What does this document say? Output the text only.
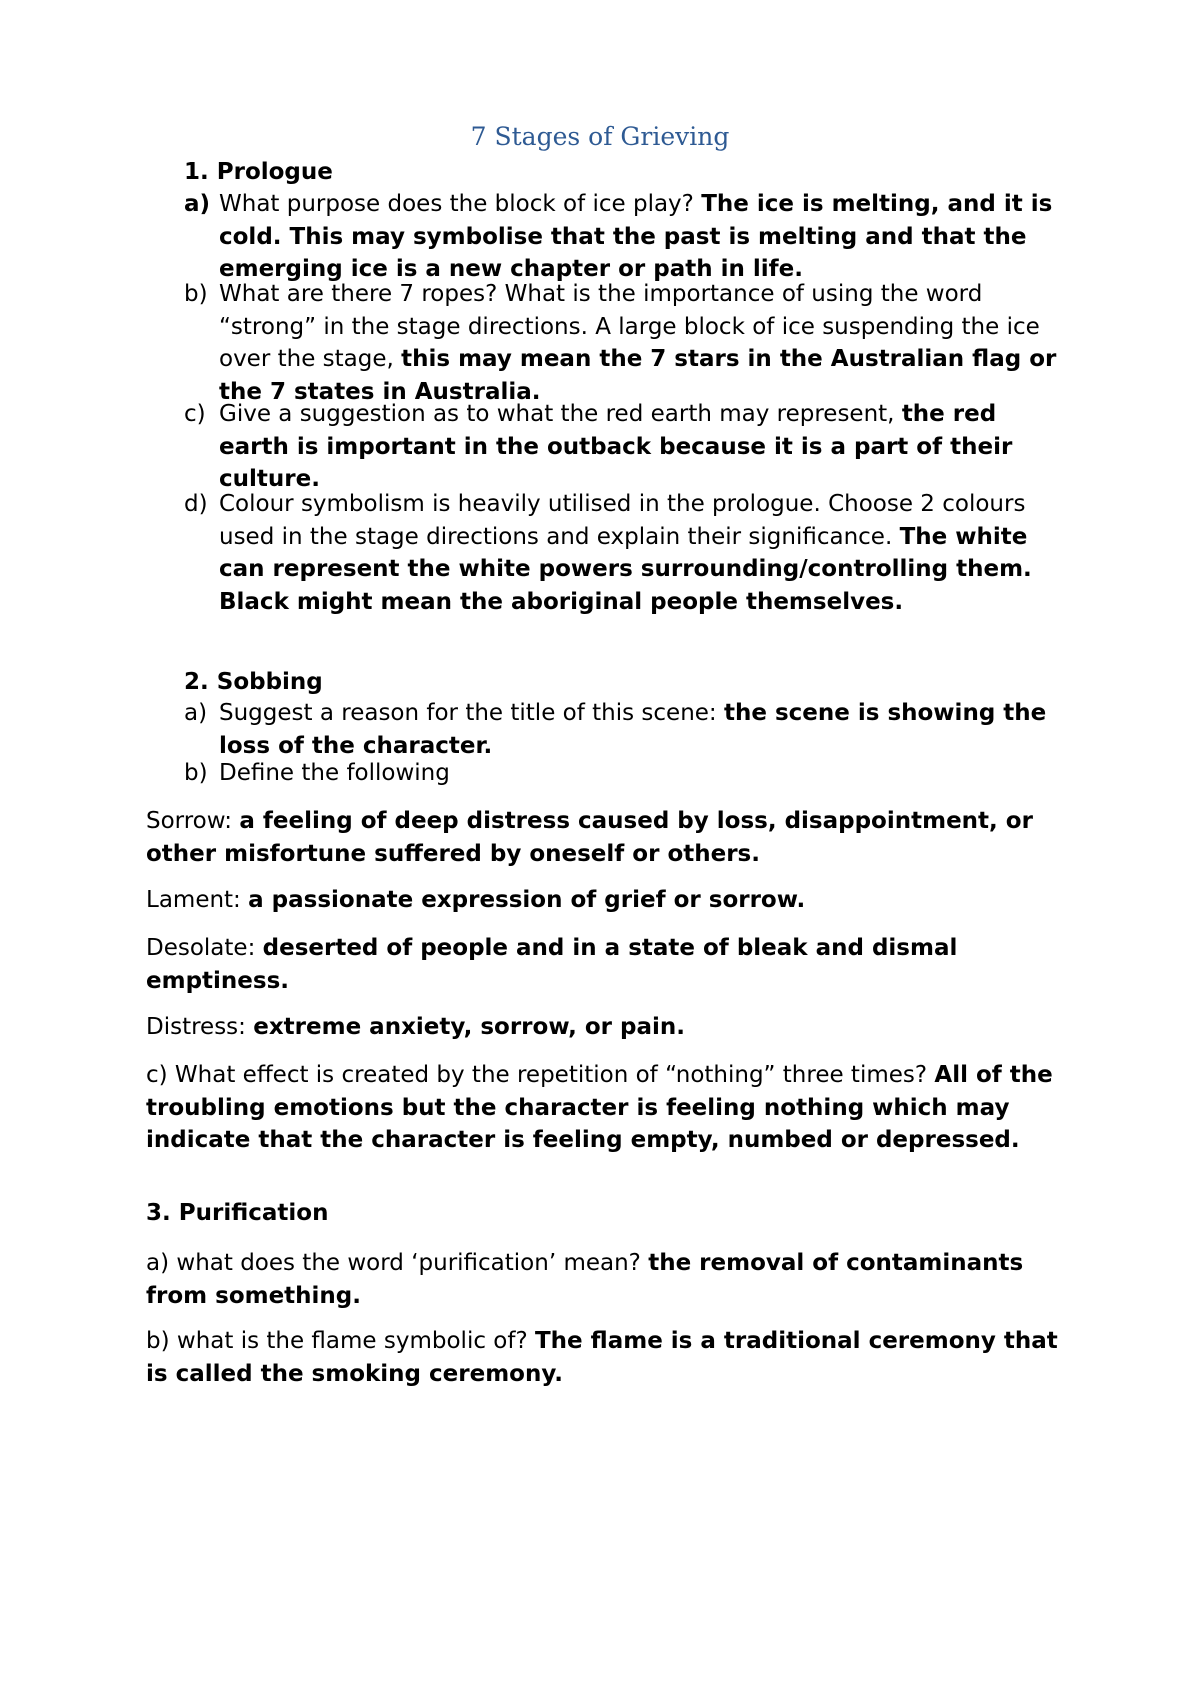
7 Stages of Grieving
1. Prologue
a) What purpose does the block of ice play? The ice is melting, and it is cold. This may symbolise that the past is melting and that the emerging ice is a new chapter or path in life.
b) What are there 7 ropes? What is the importance of using the word “strong” in the stage directions. A large block of ice suspending the ice over the stage, this may mean the 7 stars in the Australian flag or the 7 states in Australia.
c) Give a suggestion as to what the red earth may represent, the red earth is important in the outback because it is a part of their culture.
d) Colour symbolism is heavily utilised in the prologue. Choose 2 colours used in the stage directions and explain their significance. The white can represent the white powers surrounding/controlling them. Black might mean the aboriginal people themselves.
2. Sobbing
a) Suggest a reason for the title of this scene: the scene is showing the loss of the character.
b) Define the following
Sorrow: a feeling of deep distress caused by loss, disappointment, or other misfortune suffered by oneself or others.
Lament: a passionate expression of grief or sorrow.
Desolate: deserted of people and in a state of bleak and dismal emptiness.
Distress: extreme anxiety, sorrow, or pain.
c) What effect is created by the repetition of “nothing” three times? All of the troubling emotions but the character is feeling nothing which may indicate that the character is feeling empty, numbed or depressed.
3. Purification
a) what does the word ‘purification’ mean? the removal of contaminants from something.
b) what is the flame symbolic of? The flame is a traditional ceremony that is called the smoking ceremony.
